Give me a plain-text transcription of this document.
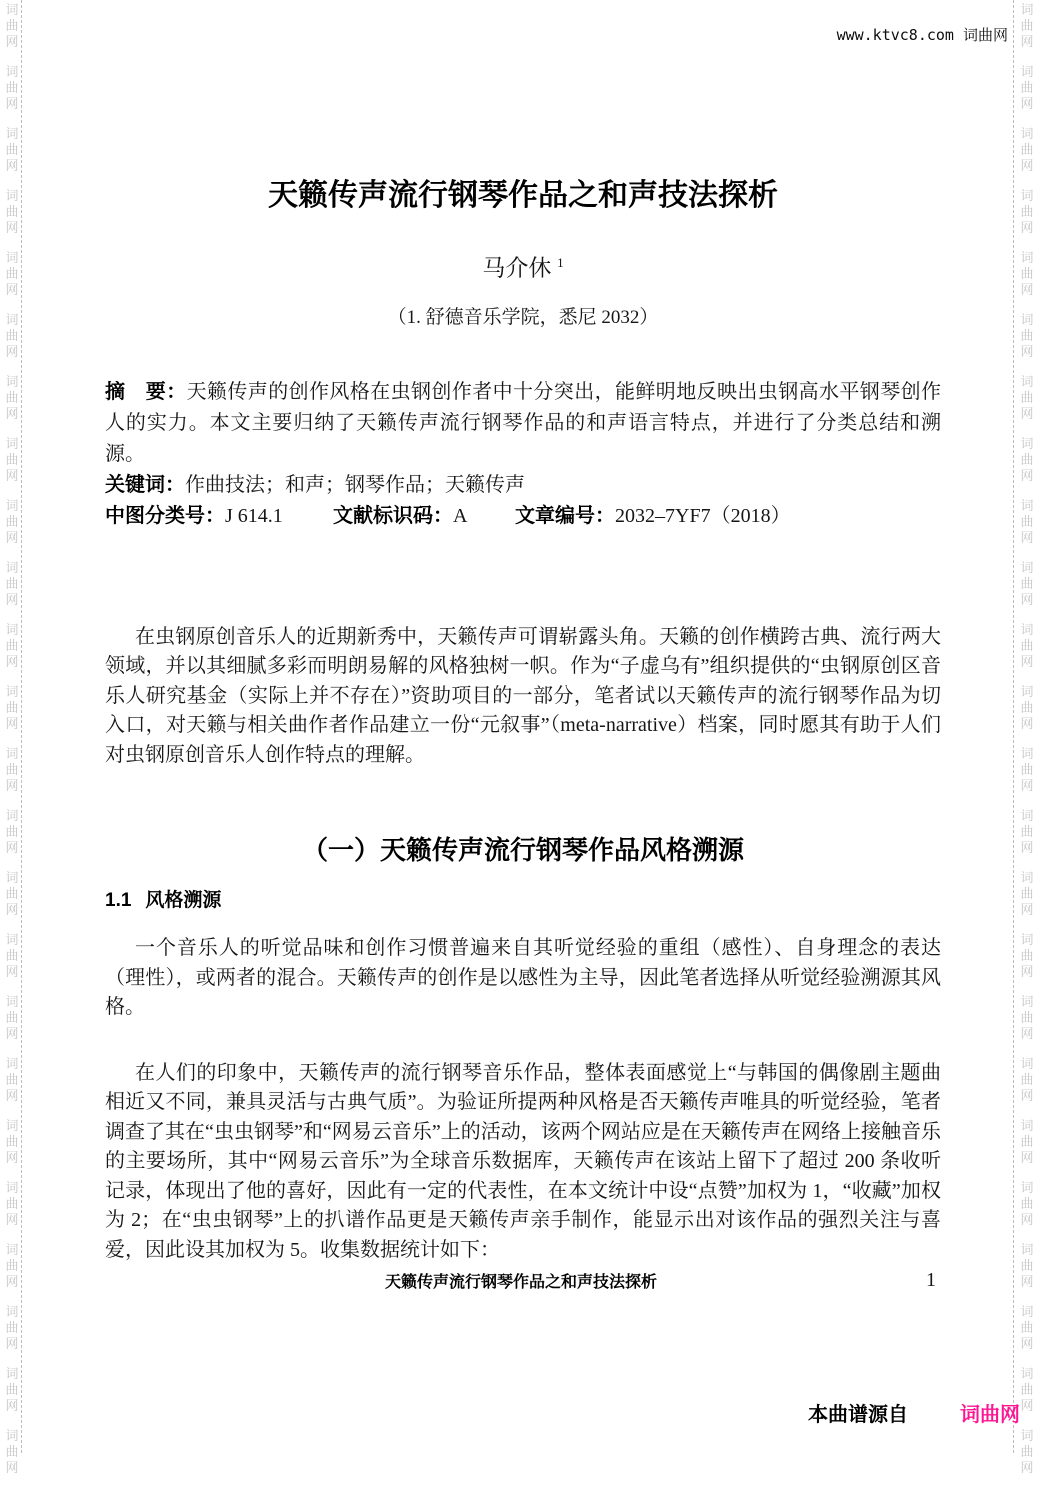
词
曲
网
词
曲
网
词
曲
网
词
曲
网
词
曲
网
词
曲
网
词
曲
网
词
曲
网
词
曲
网
词
曲
网
词
曲
网
词
曲
网
词
曲
网
词
曲
网
词
曲
网
词
曲
网
词
曲
网
词
曲
网
词
曲
网
词
曲
网
词
曲
网
词
曲
网
词
曲
网
词
曲
网
词
曲
网
词
曲
网
词
曲
网
词
曲
网
词
曲
网
词
曲
网
词
曲
网
词
曲
网
词
曲
网
词
曲
网
词
曲
网
词
曲
网
词
曲
网
词
曲
网
词
曲
网
词
曲
网
词
曲
网
词
曲
网
词
曲
网
词
曲
网
词
曲
网
词
曲
网
词
曲
网
词
曲
网
www.ktvc8.com 词曲网
天籁传声流行钢琴作品之和声技法探析
马介休 $^1$
（1. 舒德音乐学院，悉尼 2032）

摘　要：天籁传声的创作风格在虫钢创作者中十分突出，能鲜明地反映出虫钢高水平钢琴创作人的实力。本文主要归纳了天籁传声流行钢琴作品的和声语言特点，并进行了分类总结和溯源。

关键词：作曲技法；和声；钢琴作品；天籁传声

中图分类号：J 614.1	文献标识码：A	文章编号：2032–7YF7（2018）

在虫钢原创音乐人的近期新秀中，天籁传声可谓崭露头角。天籁的创作横跨古典、流行两大领域，并以其细腻多彩而明朗易解的风格独树一帜。作为“子虚乌有”组织提供的“虫钢原创区音乐人研究基金（实际上并不存在）”资助项目的一部分，笔者试以天籁传声的流行钢琴作品为切入口，对天籁与相关曲作者作品建立一份“元叙事”（meta-narrative）档案，同时愿其有助于人们对虫钢原创音乐人创作特点的理解。

（一）天籁传声流行钢琴作品风格溯源
1.1 风格溯源

一个音乐人的听觉品味和创作习惯普遍来自其听觉经验的重组（感性）、自身理念的表达（理性），或两者的混合。天籁传声的创作是以感性为主导，因此笔者选择从听觉经验溯源其风格。

在人们的印象中，天籁传声的流行钢琴音乐作品，整体表面感觉上“与韩国的偶像剧主题曲相近又不同，兼具灵活与古典气质”。为验证所提两种风格是否天籁传声唯具的听觉经验，笔者调查了其在“虫虫钢琴”和“网易云音乐”上的活动，该两个网站应是在天籁传声在网络上接触音乐的主要场所，其中“网易云音乐”为全球音乐数据库，天籁传声在该站上留下了超过 200 条收听记录，体现出了他的喜好，因此有一定的代表性，在本文统计中设“点赞”加权为 1，“收藏”加权为 2；在“虫虫钢琴”上的扒谱作品更是天籁传声亲手制作，能显示出对该作品的强烈关注与喜爱，因此设其加权为 5。收集数据统计如下：

天籁传声流行钢琴作品之和声技法探析	1
本曲谱源自	词曲网
